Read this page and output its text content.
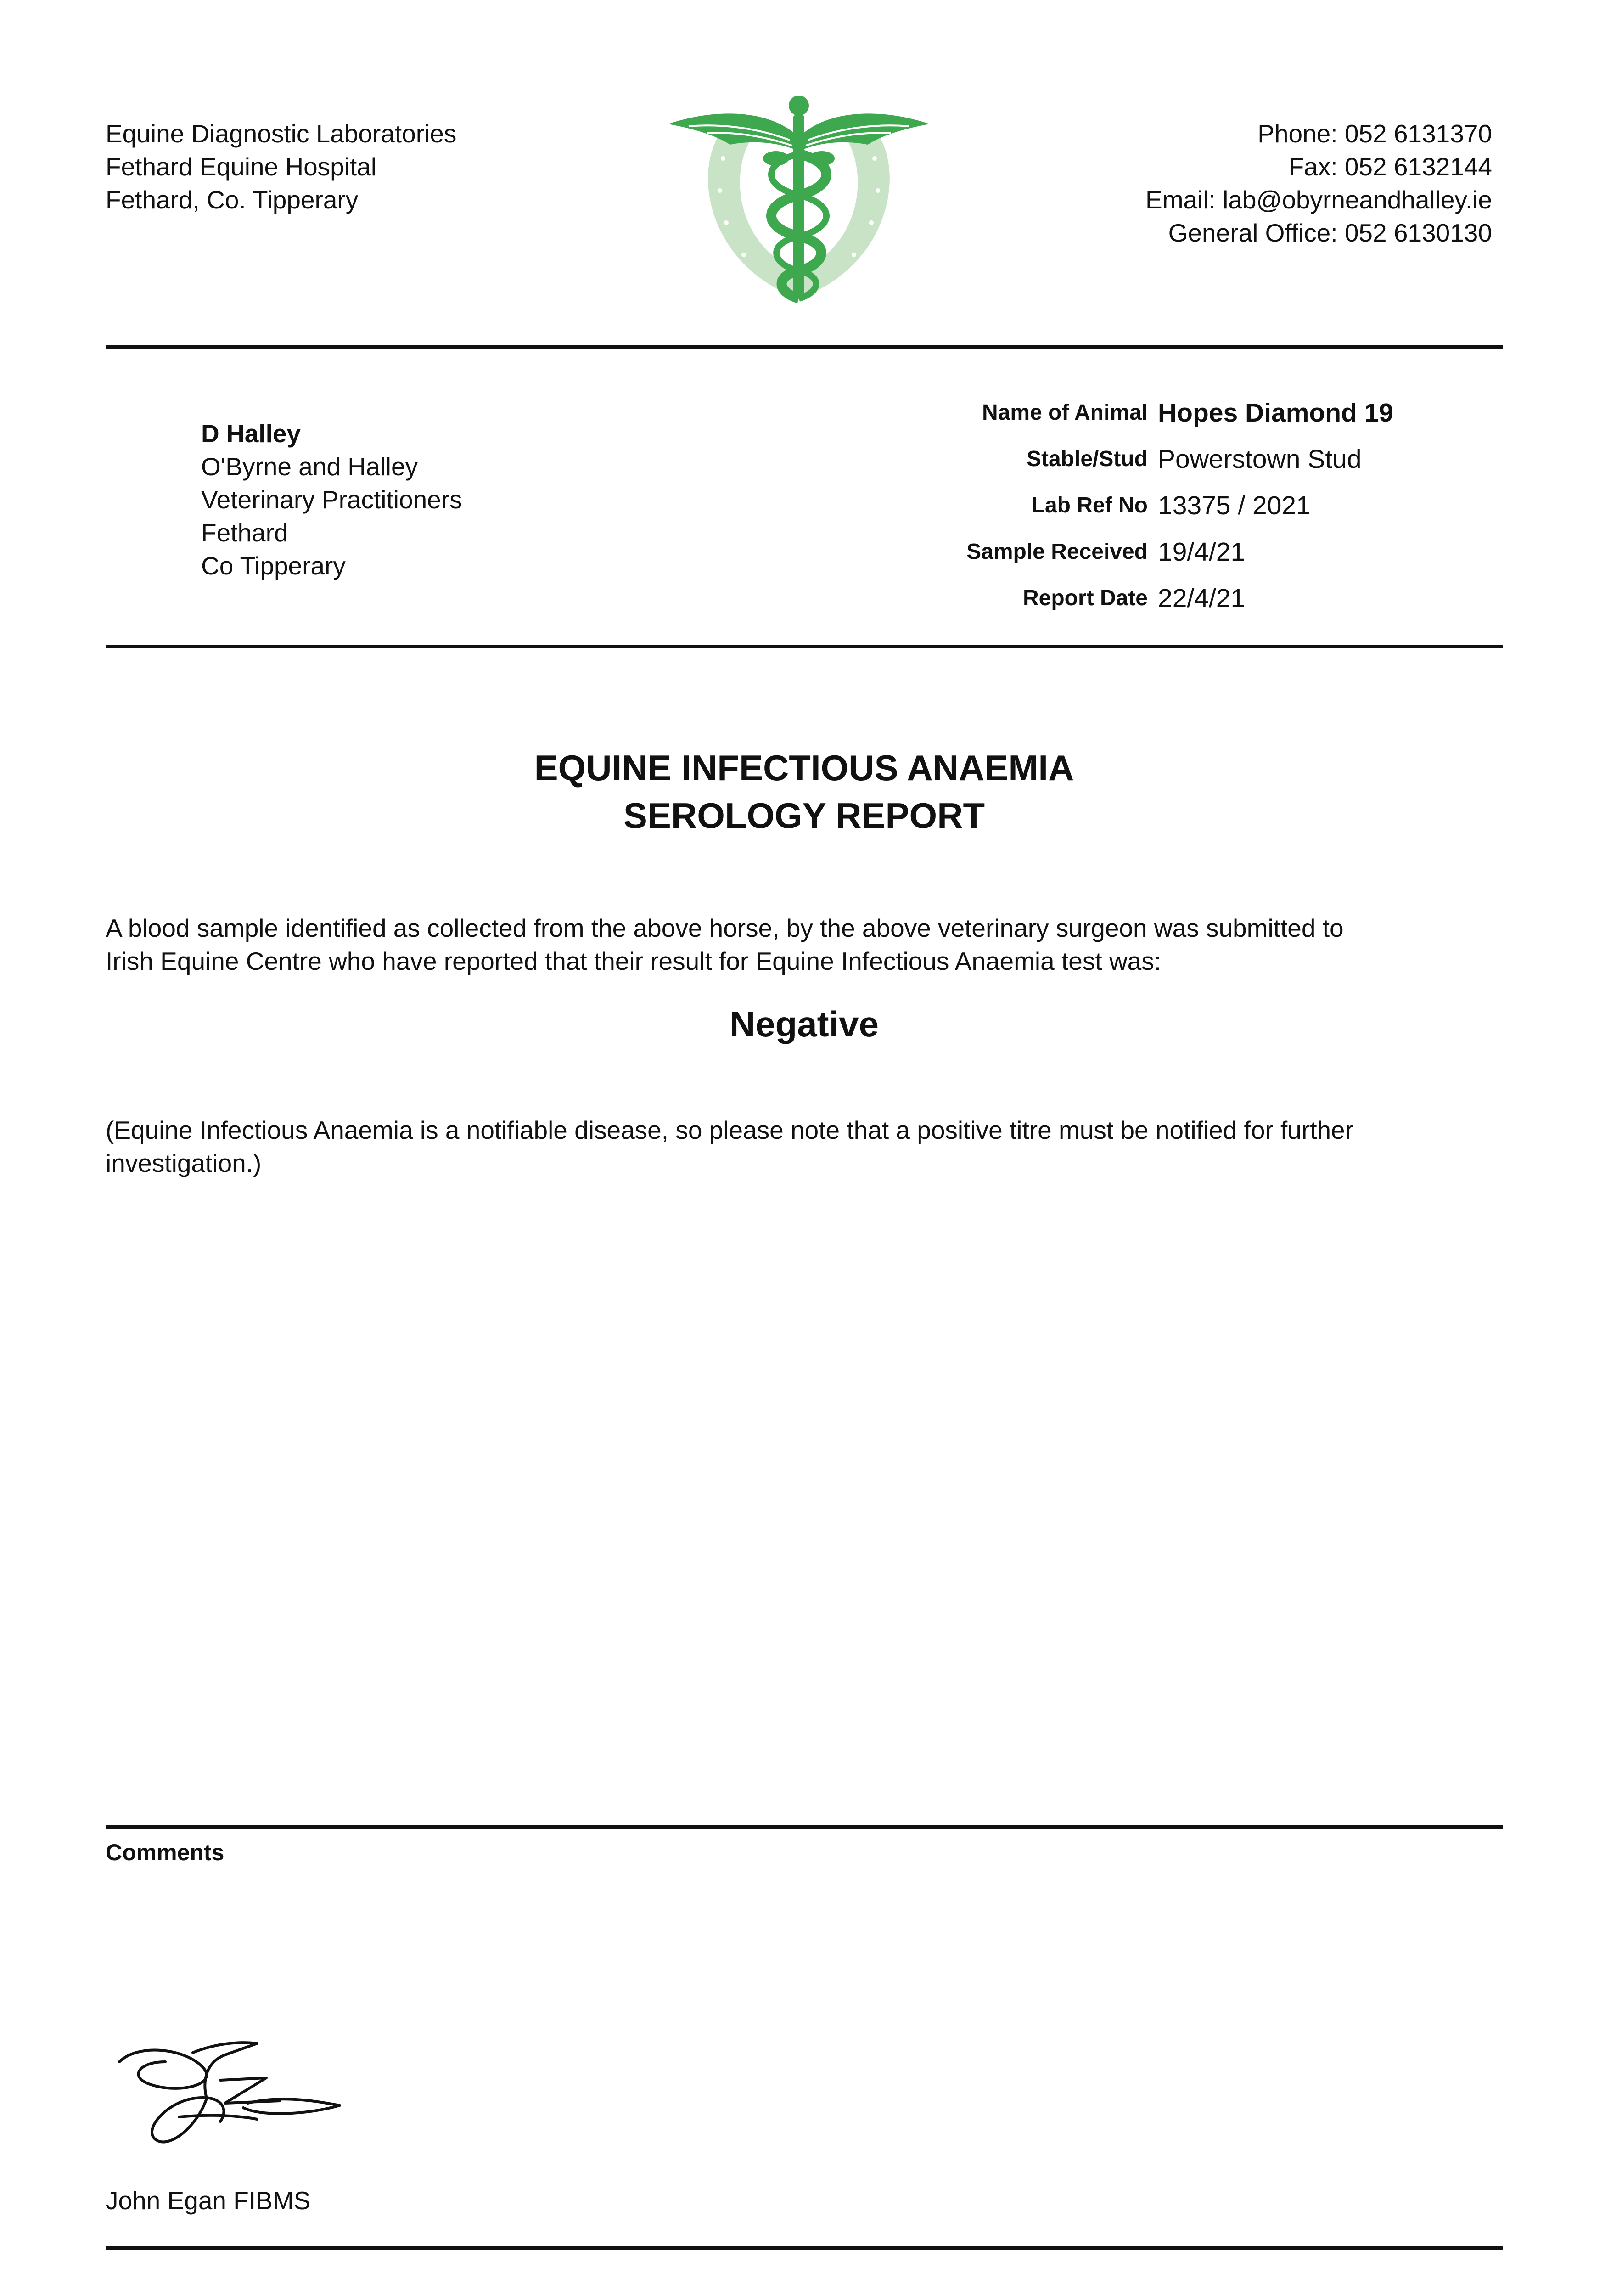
Equine Diagnostic Laboratories
Fethard Equine Hospital
Fethard, Co. Tipperary
Phone: 052 6131370
Fax: 052 6132144
Email: lab@obyrneandhalley.ie
General Office: 052 6130130
D Halley
O'Byrne and Halley
Veterinary Practitioners
Fethard
Co Tipperary
Name of Animal Hopes Diamond 19
Stable/Stud Powerstown Stud
Lab Ref No 13375 / 2021
Sample Received 19/4/21
Report Date 22/4/21
EQUINE INFECTIOUS ANAEMIA
SEROLOGY REPORT
A blood sample identified as collected from the above horse, by the above veterinary surgeon was submitted to
Irish Equine Centre who have reported that their result for Equine Infectious Anaemia test was:
Negative
(Equine Infectious Anaemia is a notifiable disease, so please note that a positive titre must be notified for further
investigation.)
Comments
John Egan FIBMS
